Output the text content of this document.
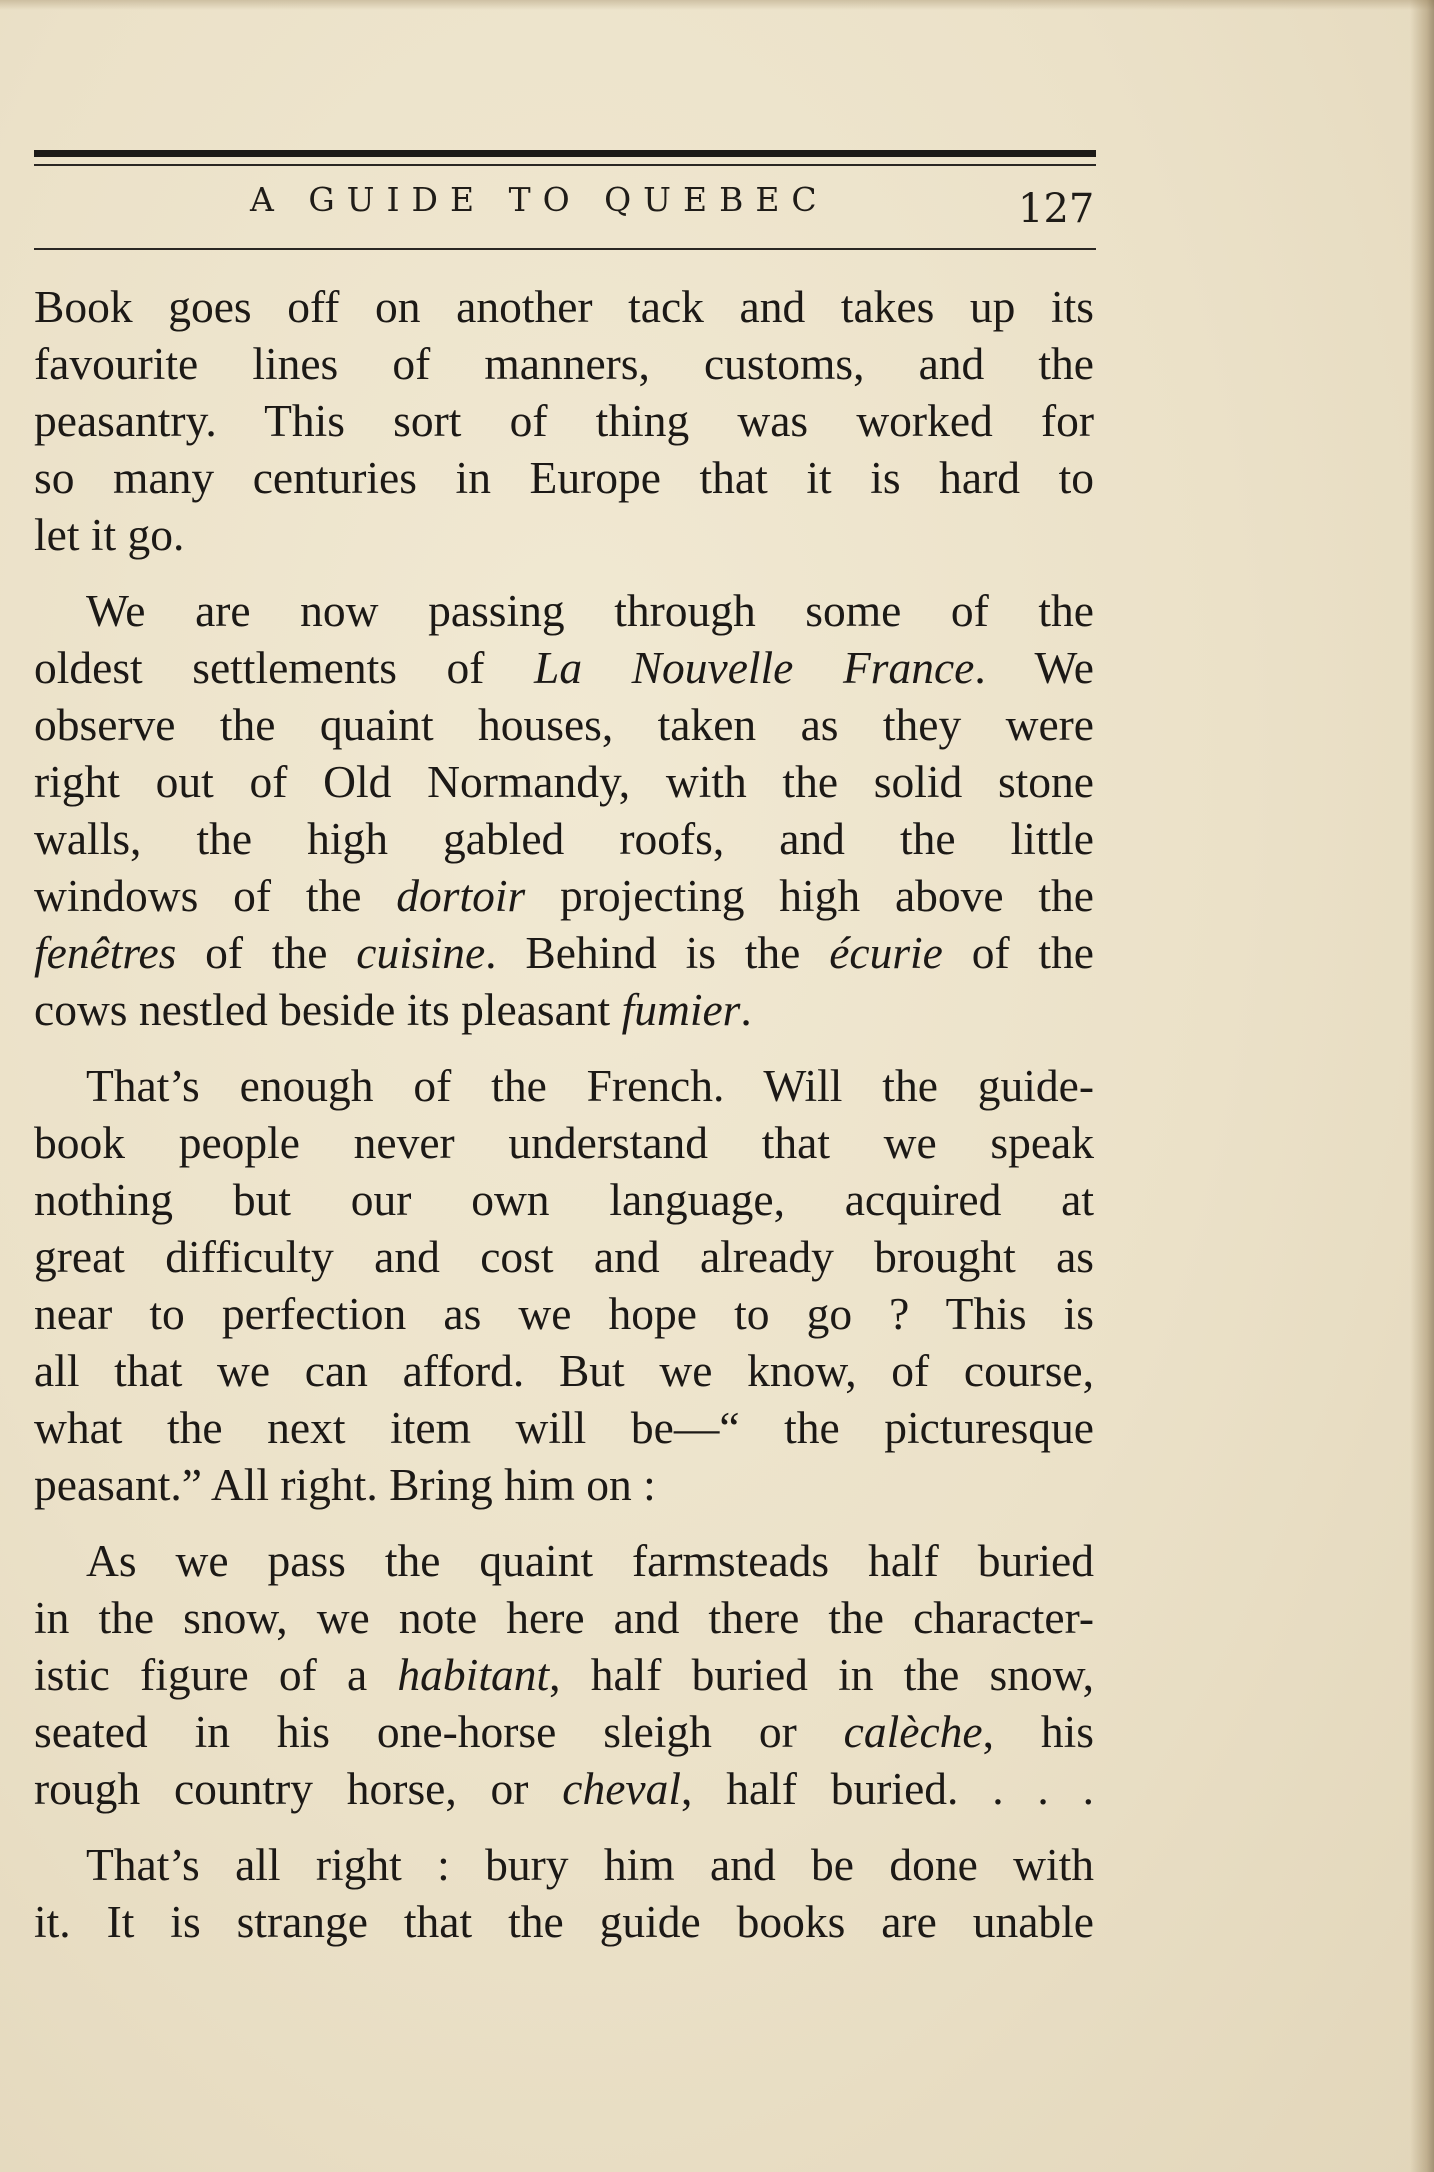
A GUIDE TO QUEBEC	127

Book goes off on another tack and takes up its
favourite lines of manners, customs, and the
peasantry. This sort of thing was worked for
so many centuries in Europe that it is hard to
let it go.

We are now passing through some of the
oldest settlements of La Nouvelle France. We
observe the quaint houses, taken as they were
right out of Old Normandy, with the solid stone
walls, the high gabled roofs, and the little
windows of the dortoir projecting high above the
fenêtres of the cuisine. Behind is the écurie of the
cows nestled beside its pleasant fumier.

That’s enough of the French. Will the guide-
book people never understand that we speak
nothing but our own language, acquired at
great difficulty and cost and already brought as
near to perfection as we hope to go ? This is
all that we can afford. But we know, of course,
what the next item will be—“ the picturesque
peasant.” All right. Bring him on :

As we pass the quaint farmsteads half buried
in the snow, we note here and there the character-
istic figure of a habitant, half buried in the snow,
seated in his one-horse sleigh or calèche, his
rough country horse, or cheval, half buried. . . .

That’s all right : bury him and be done with
it. It is strange that the guide books are unable
